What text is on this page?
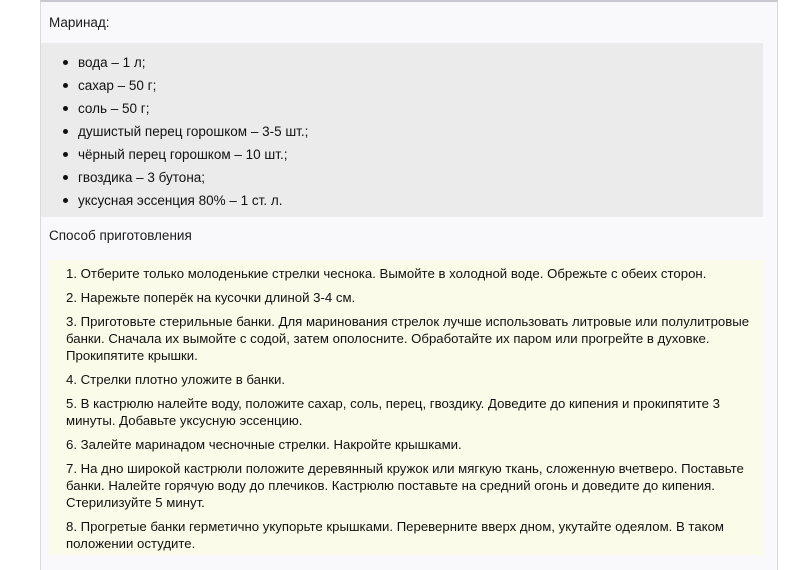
Маринад:
вода – 1 л;
сахар – 50 г;
соль – 50 г;
душистый перец горошком – 3-5 шт.;
чёрный перец горошком – 10 шт.;
гвоздика – 3 бутона;
уксусная эссенция 80% – 1 ст. л.
Способ приготовления
1. Отберите только молоденькие стрелки чеснока. Вымойте в холодной воде. Обрежьте с обеих сторон.
2. Нарежьте поперёк на кусочки длиной 3-4 см.
3. Приготовьте стерильные банки. Для маринования стрелок лучше использовать литровые или полулитровые банки. Сначала их вымойте с содой, затем ополосните. Обработайте их паром или прогрейте в духовке. Прокипятите крышки.
4. Стрелки плотно уложите в банки.
5. В кастрюлю налейте воду, положите сахар, соль, перец, гвоздику. Доведите до кипения и прокипятите 3 минуты. Добавьте уксусную эссенцию.
6. Залейте маринадом чесночные стрелки. Накройте крышками.
7. На дно широкой кастрюли положите деревянный кружок или мягкую ткань, сложенную вчетверо. Поставьте банки. Налейте горячую воду до плечиков. Кастрюлю поставьте на средний огонь и доведите до кипения. Стерилизуйте 5 минут.
8. Прогретые банки герметично укупорьте крышками. Переверните вверх дном, укутайте одеялом. В таком положении остудите.
